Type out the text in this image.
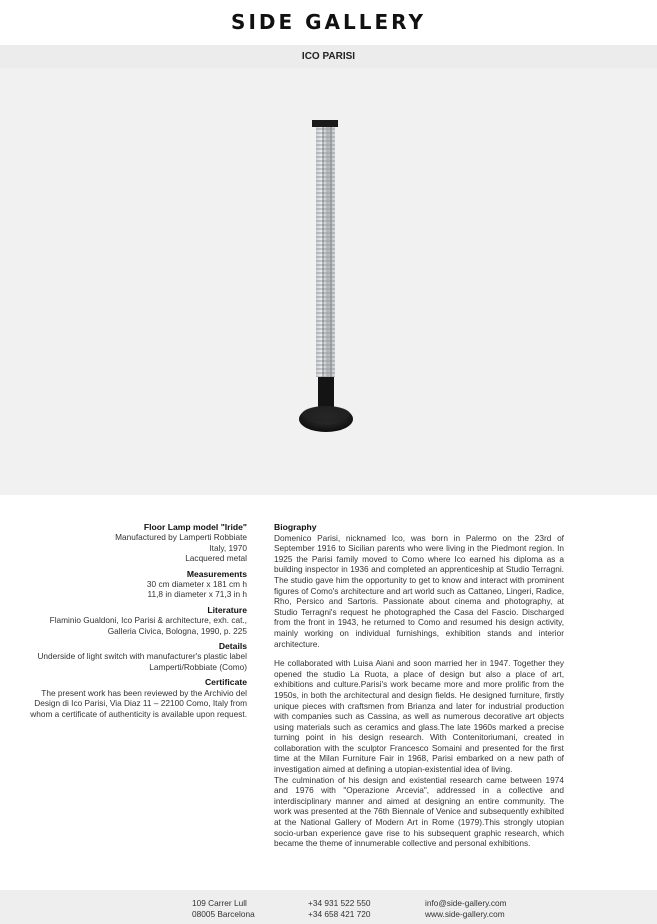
SIDE GALLERY
ICO PARISI
Floor Lamp model "Iride"
Manufactured by Lamperti Robbiate
Italy, 1970
Lacquered metal
Measurements
30 cm diameter x 181 cm h
11,8 in diameter x 71,3 in h
Literature
Flaminio Gualdoni, Ico Parisi & architecture, exh. cat., Galleria Civica, Bologna, 1990, p. 225
Details
Underside of light switch with manufacturer's plastic label Lamperti/Robbiate (Como)
Certificate
The present work has been reviewed by the Archivio del Design di Ico Parisi, Via Diaz 11 – 22100 Como, Italy from whom a certificate of authenticity is available upon request.
Biography

Domenico Parisi, nicknamed Ico, was born in Palermo on the 23rd of September 1916 to Sicilian parents who were living in the Piedmont region. In 1925 the Parisi family moved to Como where Ico earned his diploma as a building inspector in 1936 and completed an apprenticeship at Studio Terragni. The studio gave him the opportunity to get to know and interact with prominent figures of Como's architecture and art world such as Cattaneo, Lingeri, Radice, Rho, Persico and Sartoris. Passionate about cinema and photography, at Studio Terragni's request he photographed the Casa del Fascio. Discharged from the front in 1943, he returned to Como and resumed his design activity, mainly working on individual furnishings, exhibition stands and interior architecture.

He collaborated with Luisa Aiani and soon married her in 1947. Together they opened the studio La Ruota, a place of design but also a place of art, exhibitions and culture.Parisi's work became more and more prolific from the 1950s, in both the architectural and design fields. He designed furniture, firstly unique pieces with craftsmen from Brianza and later for industrial production with companies such as Cassina, as well as numerous decorative art objects using materials such as ceramics and glass.The late 1960s marked a precise turning point in his design research. With Contenitoriumani, created in collaboration with the sculptor Francesco Somaini and presented for the first time at the Milan Furniture Fair in 1968, Parisi embarked on a new path of investigation aimed at defining a utopian-existential idea of living.

The culmination of his design and existential research came between 1974 and 1976 with "Operazione Arcevia", addressed in a collective and interdisciplinary manner and aimed at designing an entire community. The work was presented at the 76th Biennale of Venice and subsequently exhibited at the National Gallery of Modern Art in Rome (1979).This strongly utopian socio-urban experience gave rise to his subsequent graphic research, which became the theme of innumerable collective and personal exhibitions.

109 Carrer Lull
08005 Barcelona
+34 931 522 550
+34 658 421 720
info@side-gallery.com
www.side-gallery.com
